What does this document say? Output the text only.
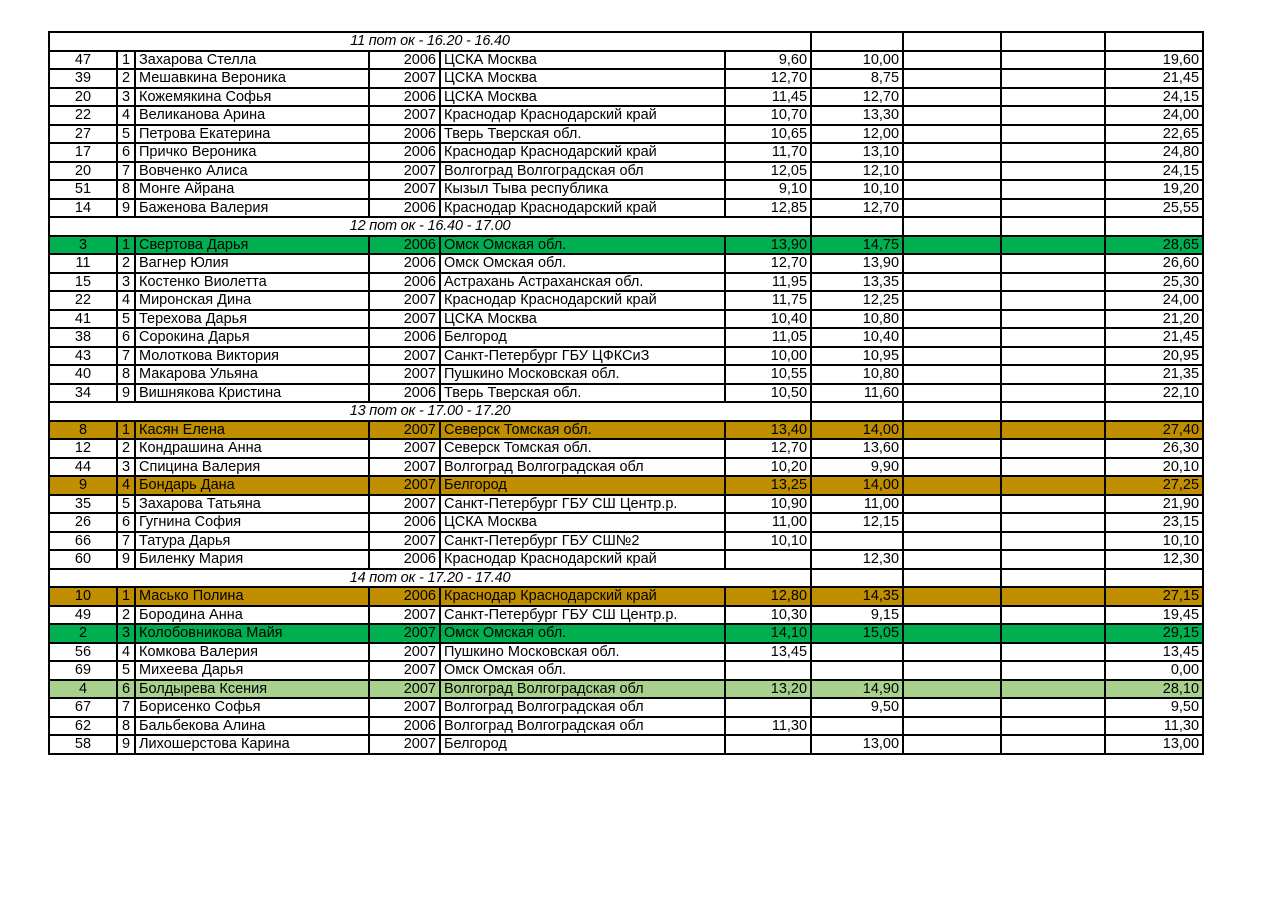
11 пот ок - 16.20 - 16.40									
47	1	Захарова Стелла	2006	ЦСКА Москва	9,60	10,00			19,60
39	2	Мешавкина Вероника	2007	ЦСКА Москва	12,70	8,75			21,45
20	3	Кожемякина Софья	2006	ЦСКА Москва	11,45	12,70			24,15
22	4	Великанова Арина	2007	Краснодар Краснодарский край	10,70	13,30			24,00
27	5	Петрова Екатерина	2006	Тверь Тверская обл.	10,65	12,00			22,65
17	6	Причко Вероника	2006	Краснодар Краснодарский край	11,70	13,10			24,80
20	7	Вовченко Алиса	2007	Волгоград Волгоградская обл	12,05	12,10			24,15
51	8	Монге Айрана	2007	Кызыл Тыва республика	9,10	10,10			19,20
14	9	Баженова Валерия	2006	Краснодар Краснодарский край	12,85	12,70			25,55
12 пот ок - 16.40 - 17.00									
3	1	Свертова Дарья	2006	Омск Омская обл.	13,90	14,75			28,65
11	2	Вагнер Юлия	2006	Омск Омская обл.	12,70	13,90			26,60
15	3	Костенко Виолетта	2006	Астрахань Астраханская обл.	11,95	13,35			25,30
22	4	Миронская Дина	2007	Краснодар Краснодарский край	11,75	12,25			24,00
41	5	Терехова Дарья	2007	ЦСКА Москва	10,40	10,80			21,20
38	6	Сорокина Дарья	2006	Белгород	11,05	10,40			21,45
43	7	Молоткова Виктория	2007	Санкт-Петербург ГБУ ЦФКСиЗ	10,00	10,95			20,95
40	8	Макарова Ульяна	2007	Пушкино Московская обл.	10,55	10,80			21,35
34	9	Вишнякова Кристина	2006	Тверь Тверская обл.	10,50	11,60			22,10
13 пот ок - 17.00 - 17.20									
8	1	Касян Елена	2007	Северск Томская обл.	13,40	14,00			27,40
12	2	Кондрашина Анна	2007	Северск Томская обл.	12,70	13,60			26,30
44	3	Спицина Валерия	2007	Волгоград Волгоградская обл	10,20	9,90			20,10
9	4	Бондарь Дана	2007	Белгород	13,25	14,00			27,25
35	5	Захарова Татьяна	2007	Санкт-Петербург ГБУ СШ Центр.р.	10,90	11,00			21,90
26	6	Гугнина София	2006	ЦСКА Москва	11,00	12,15			23,15
66	7	Татура Дарья	2007	Санкт-Петербург ГБУ СШ№2	10,10				10,10
60	9	Биленку Мария	2006	Краснодар Краснодарский край		12,30			12,30
14 пот ок - 17.20 - 17.40									
10	1	Масько Полина	2006	Краснодар Краснодарский край	12,80	14,35			27,15
49	2	Бородина Анна	2007	Санкт-Петербург ГБУ СШ Центр.р.	10,30	9,15			19,45
2	3	Колобовникова Майя	2007	Омск Омская обл.	14,10	15,05			29,15
56	4	Комкова Валерия	2007	Пушкино Московская обл.	13,45				13,45
69	5	Михеева Дарья	2007	Омск Омская обл.					0,00
4	6	Болдырева Ксения	2007	Волгоград Волгоградская обл	13,20	14,90			28,10
67	7	Борисенко Софья	2007	Волгоград Волгоградская обл		9,50			9,50
62	8	Бальбекова Алина	2006	Волгоград Волгоградская обл	11,30				11,30
58	9	Лихошерстова Карина	2007	Белгород		13,00			13,00
